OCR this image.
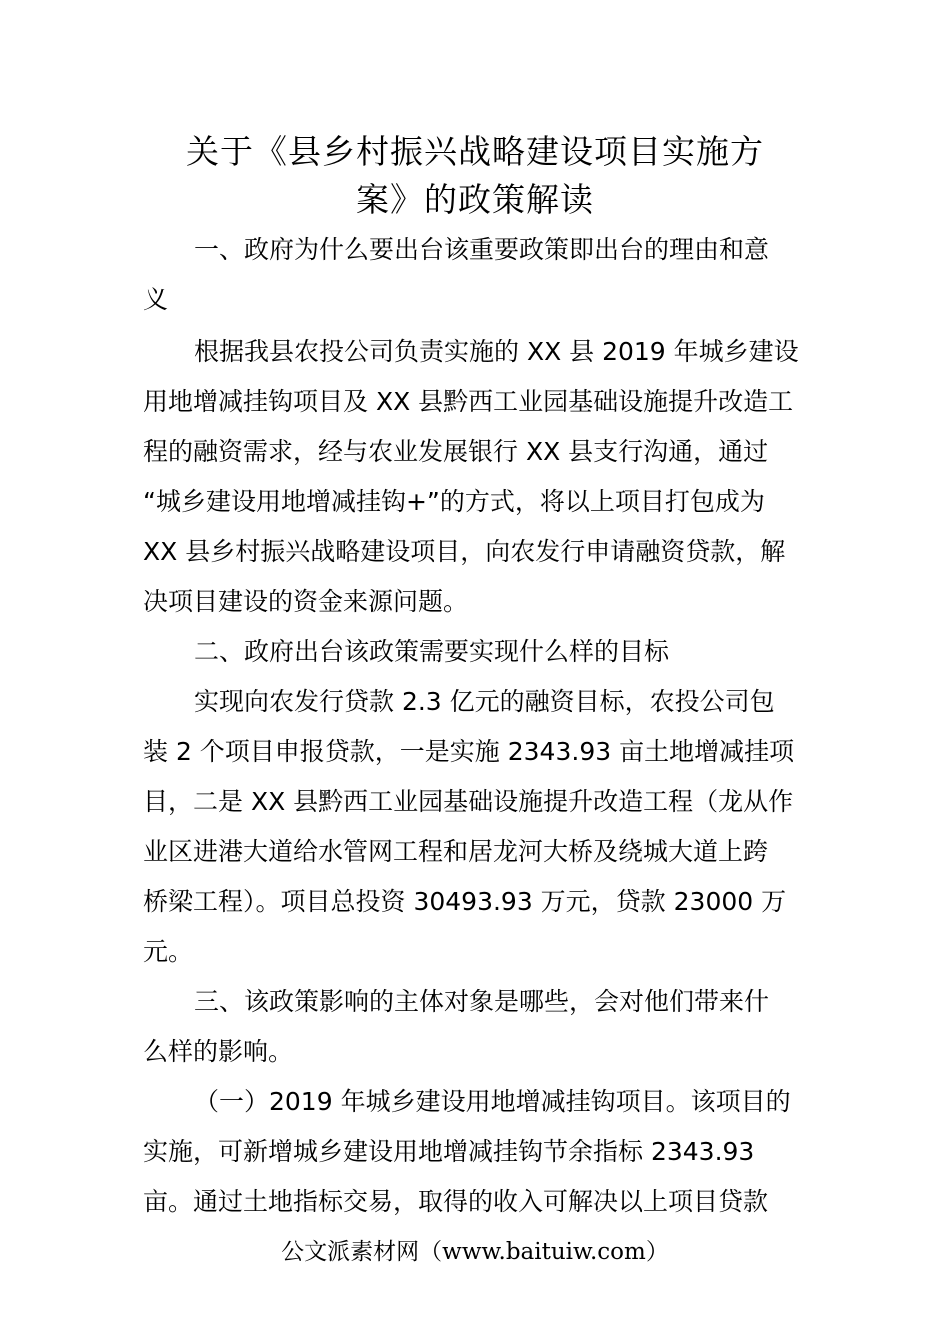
关于《县乡村振兴战略建设项目实施方
案》的政策解读
一、政府为什么要出台该重要政策即出台的理由和意
义
根据我县农投公司负责实施的 XX 县 2019 年城乡建设
用地增减挂钩项目及 XX 县黔西工业园基础设施提升改造工
程的融资需求，经与农业发展银行 XX 县支行沟通，通过
“城乡建设用地增减挂钩+”的方式，将以上项目打包成为
XX 县乡村振兴战略建设项目，向农发行申请融资贷款，解
决项目建设的资金来源问题。
二、政府出台该政策需要实现什么样的目标
实现向农发行贷款 2.3 亿元的融资目标，农投公司包
装 2 个项目申报贷款，一是实施 2343.93 亩土地增减挂项
目，二是 XX 县黔西工业园基础设施提升改造工程（龙从作
业区进港大道给水管网工程和居龙河大桥及绕城大道上跨
桥梁工程）。项目总投资 30493.93 万元，贷款 23000 万
元。
三、该政策影响的主体对象是哪些，会对他们带来什
么样的影响。
（一）2019 年城乡建设用地增减挂钩项目。该项目的
实施，可新增城乡建设用地增减挂钩节余指标 2343.93
亩。通过土地指标交易，取得的收入可解决以上项目贷款
公文派素材网（www.baituiw.com）
